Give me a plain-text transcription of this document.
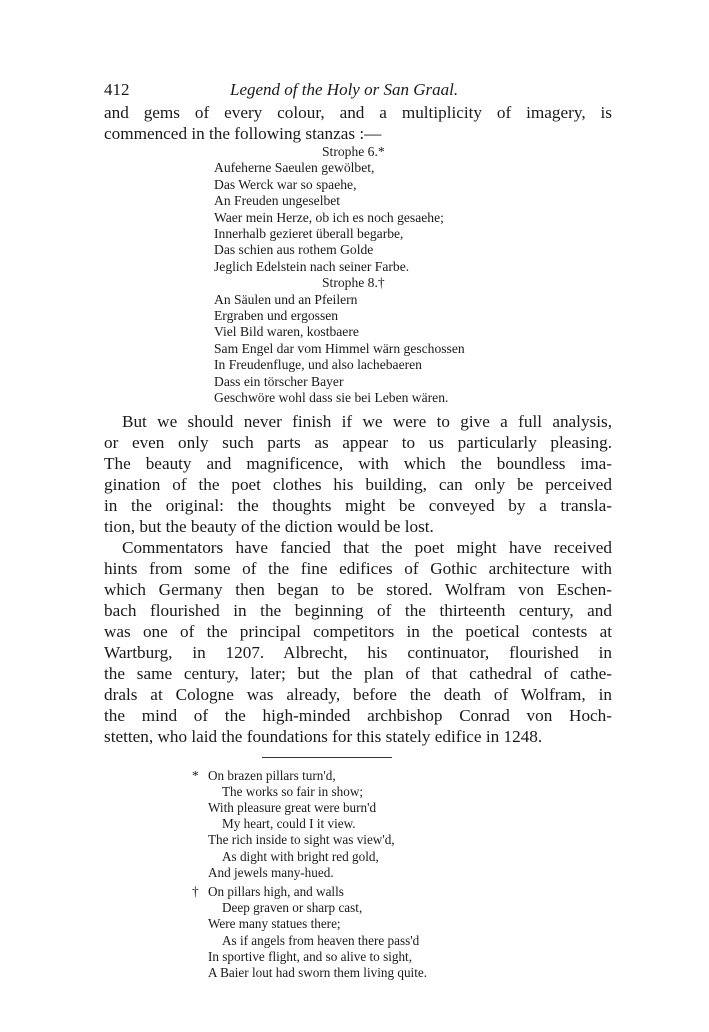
412	Legend of the Holy or San Graal.
and gems of every colour, and a multiplicity of imagery, is
commenced in the following stanzas :—
Strophe 6.*
Aufeherne Saeulen gewölbet,
Das Werck war so spaehe,
An Freuden ungeselbet
Waer mein Herze, ob ich es noch gesaehe;
Innerhalb gezieret überall begarbe,
Das schien aus rothem Golde
Jeglich Edelstein nach seiner Farbe.
Strophe 8.†
An Säulen und an Pfeilern
Ergraben und ergossen
Viel Bild waren, kostbaere
Sam Engel dar vom Himmel wärn geschossen
In Freudenfluge, und also lachebaeren
Dass ein törscher Bayer
Geschwöre wohl dass sie bei Leben wären.
But we should never finish if we were to give a full analysis,
or even only such parts as appear to us particularly pleasing.
The beauty and magnificence, with which the boundless ima-
gination of the poet clothes his building, can only be perceived
in the original: the thoughts might be conveyed by a transla-
tion, but the beauty of the diction would be lost.
Commentators have fancied that the poet might have received
hints from some of the fine edifices of Gothic architecture with
which Germany then began to be stored. Wolfram von Eschen-
bach flourished in the beginning of the thirteenth century, and
was one of the principal competitors in the poetical contests at
Wartburg, in 1207. Albrecht, his continuator, flourished in
the same century, later; but the plan of that cathedral of cathe-
drals at Cologne was already, before the death of Wolfram, in
the mind of the high-minded archbishop Conrad von Hoch-
stetten, who laid the foundations for this stately edifice in 1248.
* On brazen pillars turn'd,
The works so fair in show;
With pleasure great were burn'd
My heart, could I it view.
The rich inside to sight was view'd,
As dight with bright red gold,
And jewels many-hued.
† On pillars high, and walls
Deep graven or sharp cast,
Were many statues there;
As if angels from heaven there pass'd
In sportive flight, and so alive to sight,
A Baier lout had sworn them living quite.
